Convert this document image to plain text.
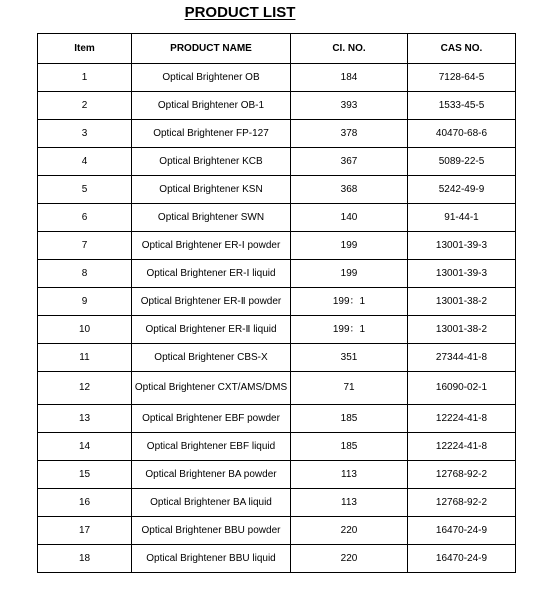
PRODUCT LIST
Item	PRODUCT NAME	CI. NO.	CAS NO.
1	Optical Brightener OB	184	7128-64-5
2	Optical Brightener OB-1	393	1533-45-5
3	Optical Brightener FP-127	378	40470-68-6
4	Optical Brightener KCB	367	5089-22-5
5	Optical Brightener KSN	368	5242-49-9
6	Optical Brightener SWN	140	91-44-1
7	Optical Brightener ER-Ⅰ powder	199	13001-39-3
8	Optical Brightener ER-Ⅰ liquid	199	13001-39-3
9	Optical Brightener ER-Ⅱ powder	199：1	13001-38-2
10	Optical Brightener ER-Ⅱ liquid	199：1	13001-38-2
11	Optical Brightener CBS-X	351	27344-41-8
12	Optical Brightener CXT/AMS/DMS	71	16090-02-1
13	Optical Brightener EBF powder	185	12224-41-8
14	Optical Brightener EBF liquid	185	12224-41-8
15	Optical Brightener BA powder	113	12768-92-2
16	Optical Brightener BA liquid	113	12768-92-2
17	Optical Brightener BBU powder	220	16470-24-9
18	Optical Brightener BBU liquid	220	16470-24-9
